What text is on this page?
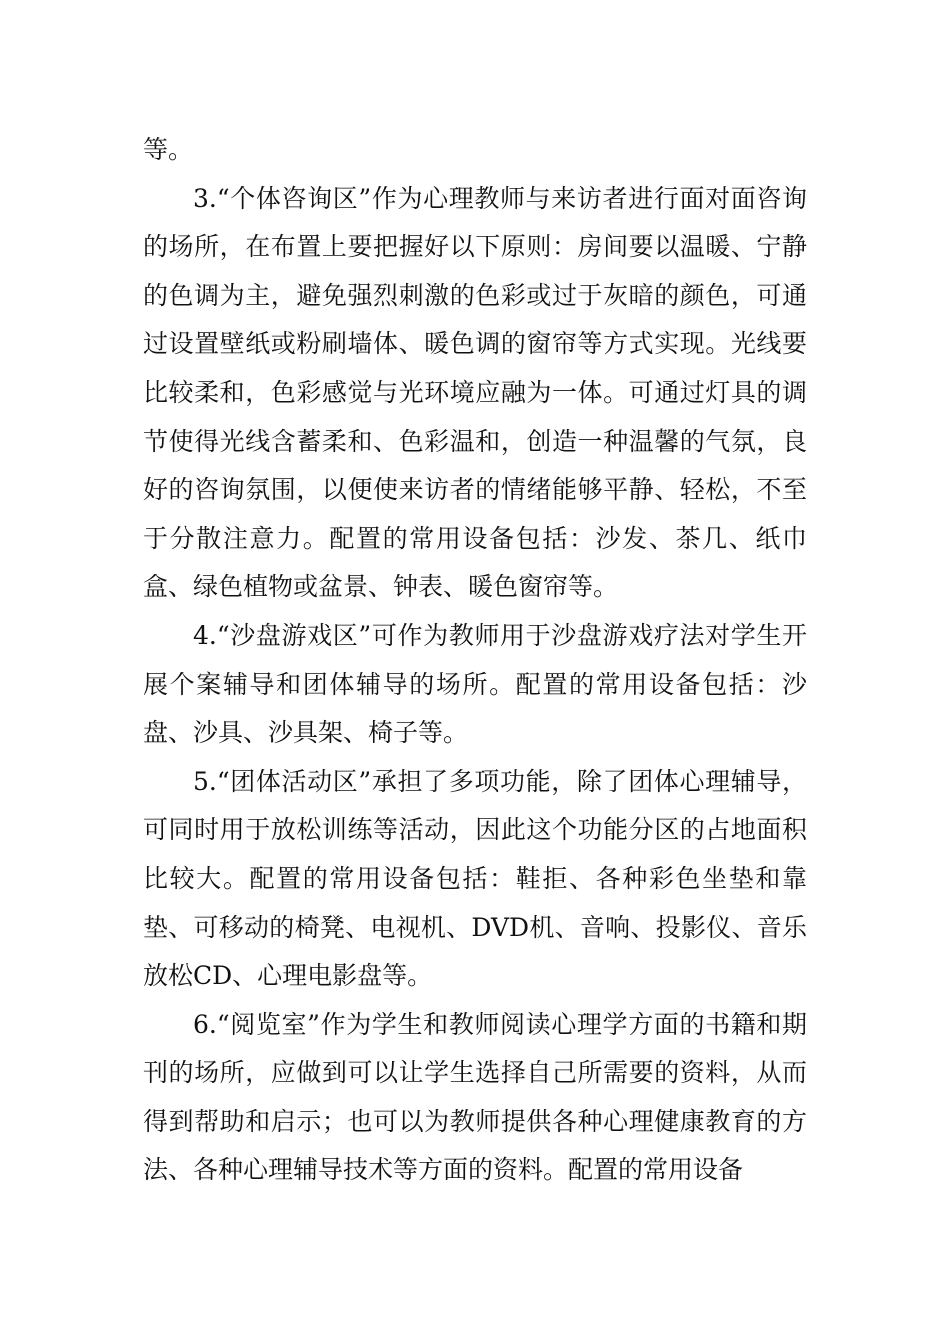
等。

3.“个体咨询区”作为心理教师与来访者进行面对面咨询的场所，在布置上要把握好以下原则：房间要以温暖、宁静的色调为主，避免强烈刺激的色彩或过于灰暗的颜色，可通过设置壁纸或粉刷墙体、暖色调的窗帘等方式实现。光线要比较柔和，色彩感觉与光环境应融为一体。可通过灯具的调节使得光线含蓄柔和、色彩温和，创造一种温馨的气氛，良好的咨询氛围，以便使来访者的情绪能够平静、轻松，不至于分散注意力。配置的常用设备包括：沙发、茶几、纸巾盒、绿色植物或盆景、钟表、暖色窗帘等。

4.“沙盘游戏区”可作为教师用于沙盘游戏疗法对学生开展个案辅导和团体辅导的场所。配置的常用设备包括：沙盘、沙具、沙具架、椅子等。

5.“团体活动区”承担了多项功能，除了团体心理辅导，可同时用于放松训练等活动，因此这个功能分区的占地面积比较大。配置的常用设备包括：鞋拒、各种彩色坐垫和靠垫、可移动的椅凳、电视机、DVD机、音响、投影仪、音乐放松CD、心理电影盘等。

6.“阅览室”作为学生和教师阅读心理学方面的书籍和期刊的场所，应做到可以让学生选择自己所需要的资料，从而得到帮助和启示；也可以为教师提供各种心理健康教育的方法、各种心理辅导技术等方面的资料。配置的常用设备
